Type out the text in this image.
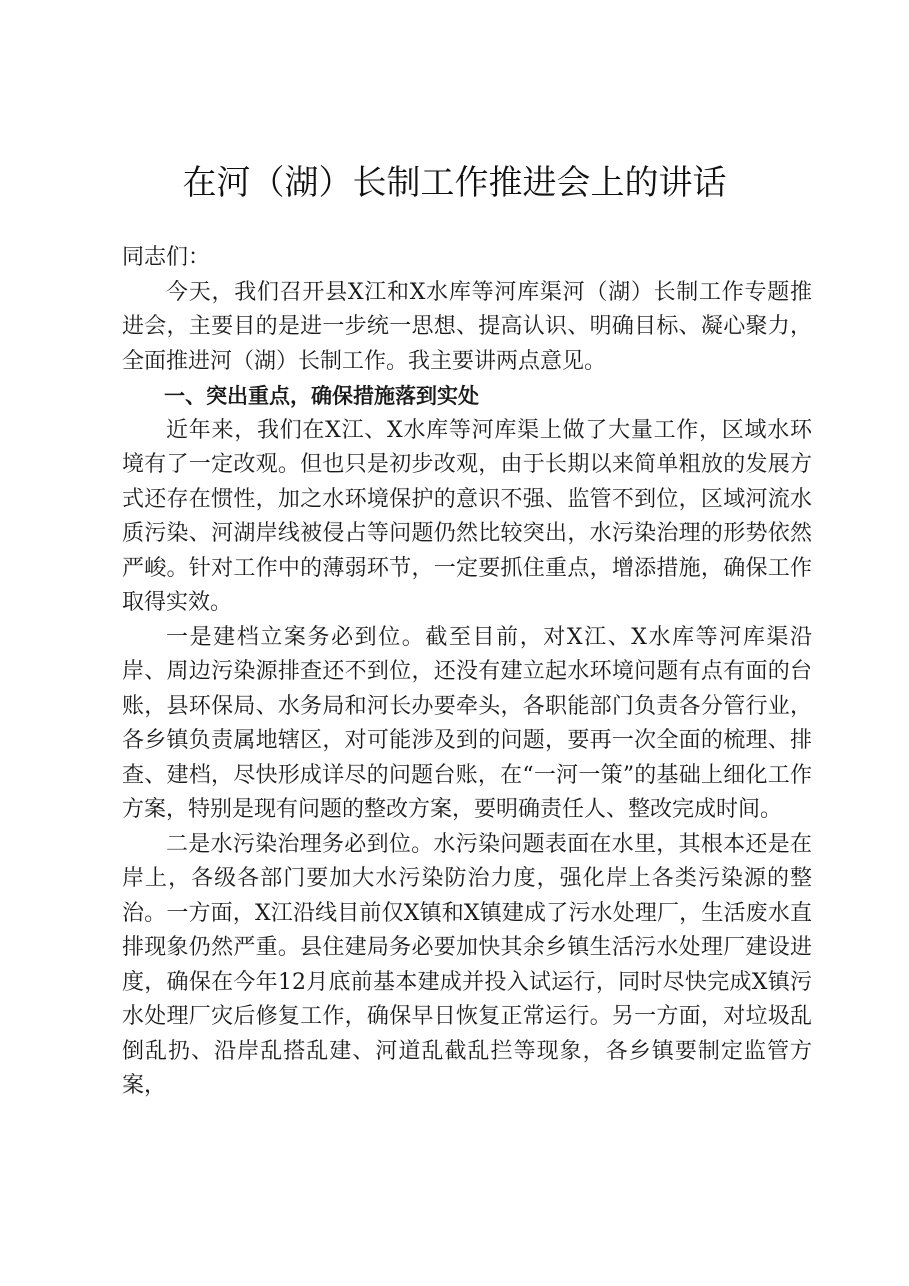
在河（湖）长制工作推进会上的讲话

同志们：

今天，我们召开县X江和X水库等河库渠河（湖）长制工作专题推进会，主要目的是进一步统一思想、提高认识、明确目标、凝心聚力，全面推进河（湖）长制工作。我主要讲两点意见。

一、突出重点，确保措施落到实处

近年来，我们在X江、X水库等河库渠上做了大量工作，区域水环境有了一定改观。但也只是初步改观，由于长期以来简单粗放的发展方式还存在惯性，加之水环境保护的意识不强、监管不到位，区域河流水质污染、河湖岸线被侵占等问题仍然比较突出，水污染治理的形势依然严峻。针对工作中的薄弱环节，一定要抓住重点，增添措施，确保工作取得实效。

一是建档立案务必到位。截至目前，对X江、X水库等河库渠沿岸、周边污染源排查还不到位，还没有建立起水环境问题有点有面的台账，县环保局、水务局和河长办要牵头，各职能部门负责各分管行业，各乡镇负责属地辖区，对可能涉及到的问题，要再一次全面的梳理、排查、建档，尽快形成详尽的问题台账，在“一河一策”的基础上细化工作方案，特别是现有问题的整改方案，要明确责任人、整改完成时间。

二是水污染治理务必到位。水污染问题表面在水里，其根本还是在岸上，各级各部门要加大水污染防治力度，强化岸上各类污染源的整治。一方面，X江沿线目前仅X镇和X镇建成了污水处理厂，生活废水直排现象仍然严重。县住建局务必要加快其余乡镇生活污水处理厂建设进度，确保在今年12月底前基本建成并投入试运行，同时尽快完成X镇污水处理厂灾后修复工作，确保早日恢复正常运行。另一方面，对垃圾乱倒乱扔、沿岸乱搭乱建、河道乱截乱拦等现象，各乡镇要制定监管方案，
